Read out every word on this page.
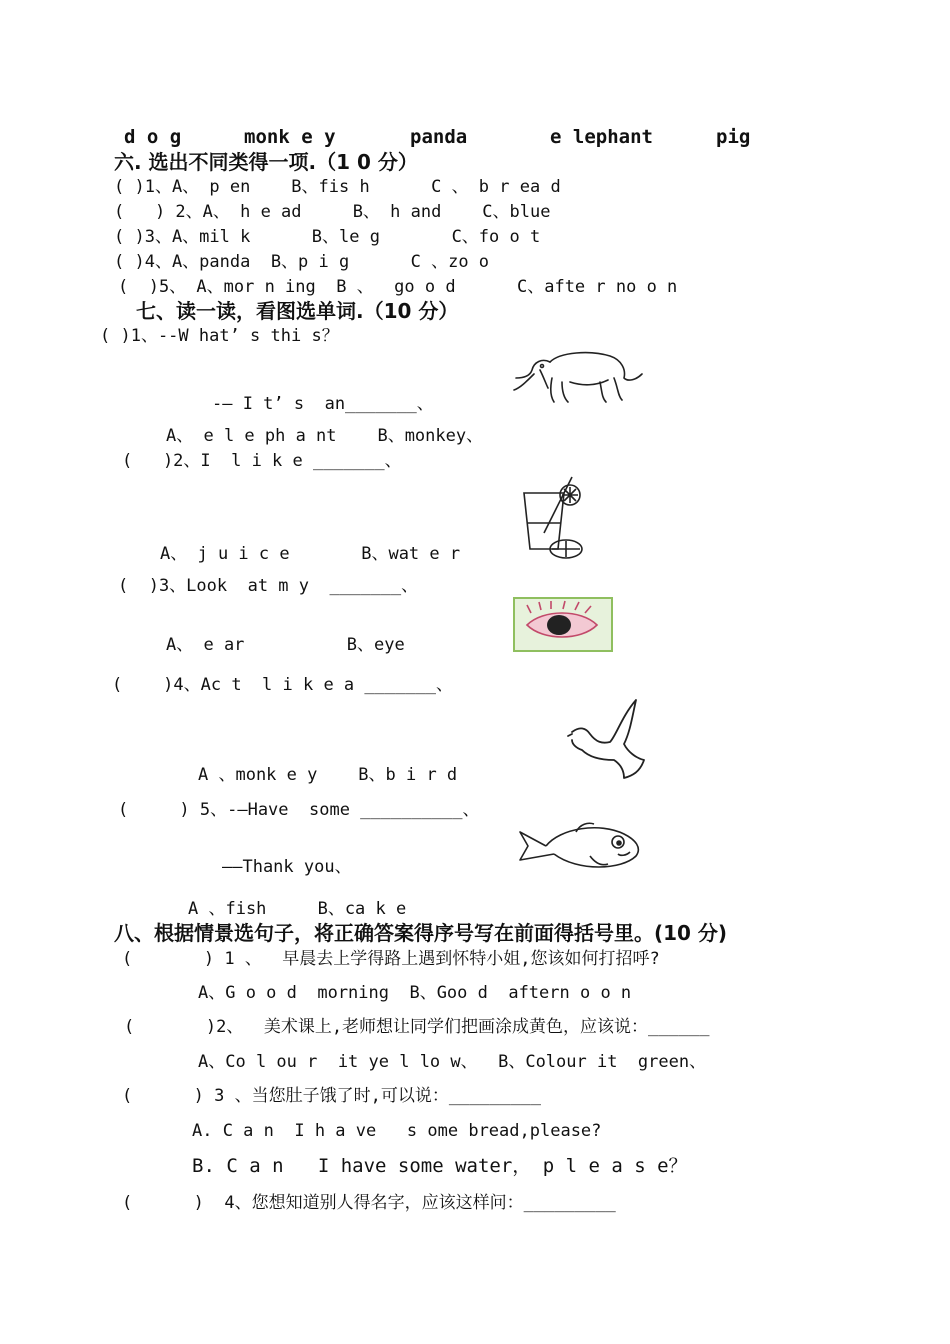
d o g	monk e y	panda	e lephant	pig
六. 选出不同类得一项.（1 0 分）
( )1、A、 p en    B、fis h      C 、 b r ea d
(   ) 2、A、 h e ad     B、 h and    C、blue
( )3、A、mil k      B、le g       C、fo o t
( )4、A、panda  B、p i g      C 、zo o
(  )5、 A、mor n ing  B 、  go o d      C、afte r no o n
七、读一读，看图选单词.（10 分）
( )1、--W hat’ s thi s？
-— I t’ s  an_______、
A、 e l e ph a nt    B、monkey、
(   )2、I  l i k e _______、
A、 j u i c e       B、wat e r
(  )3、Look  at m y  _______、
A、 e ar          B、eye
(    )4、Ac t  l i k e a _______、
A 、monk e y    B、b i r d
(     ) 5、-—Have  some __________、
——Thank you、
A 、fish     B、ca k e
八、根据情景选句子，将正确答案得序号写在前面得括号里。(10 分)
(       ) 1 、  早晨去上学得路上遇到怀特小姐,您该如何打招呼?
A、G o o d  morning  B、Goo d  aftern o o n
(       )2、  美术课上,老师想让同学们把画涂成黄色，应该说：______
A、Co l ou r  it ye l lo w、  B、Colour it  green、
(      ) 3 、当您肚子饿了时,可以说：_________
A. C a n  I h a ve   s ome bread,please?
B. C a n   I have some water， p l e a s e？
(      )  4、您想知道别人得名字，应该这样问：_________
